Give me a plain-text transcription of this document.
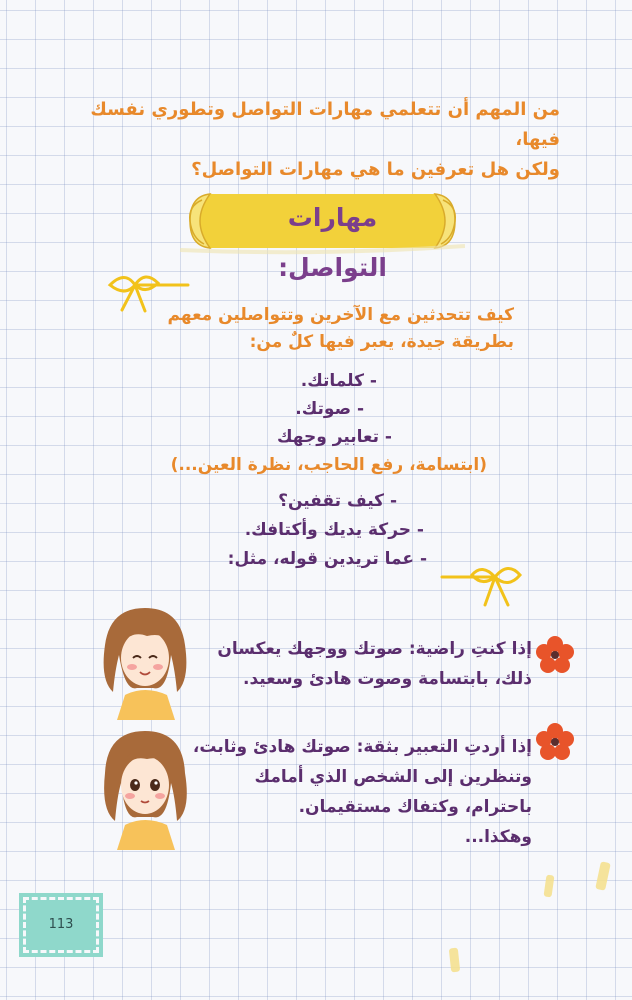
من المهم أن تتعلمي مهارات التواصل وتطوري نفسك فيها،
ولكن هل تعرفين ما هي مهارات التواصل؟
مهارات التواصل:
كيف تتحدثين مع الآخرين وتتواصلين معهم
بطريقة جيدة، يعبر فيها كلٌ من:
- كلماتك.
- صوتك.
- تعابير وجهك
(ابتسامة، رفع الحاجب، نظرة العين...)
- كيف تقفين؟
- حركة يديك وأكتافك.
- عما تريدين قوله، مثل:
إذا كنتِ راضية: صوتك ووجهك يعكسان
ذلك، بابتسامة وصوت هادئ وسعيد.
إذا أردتِ التعبير بثقة: صوتك هادئ وثابت،
وتنظرين إلى الشخص الذي أمامك
باحترام، وكتفاك مستقيمان.
وهكذا...
113
